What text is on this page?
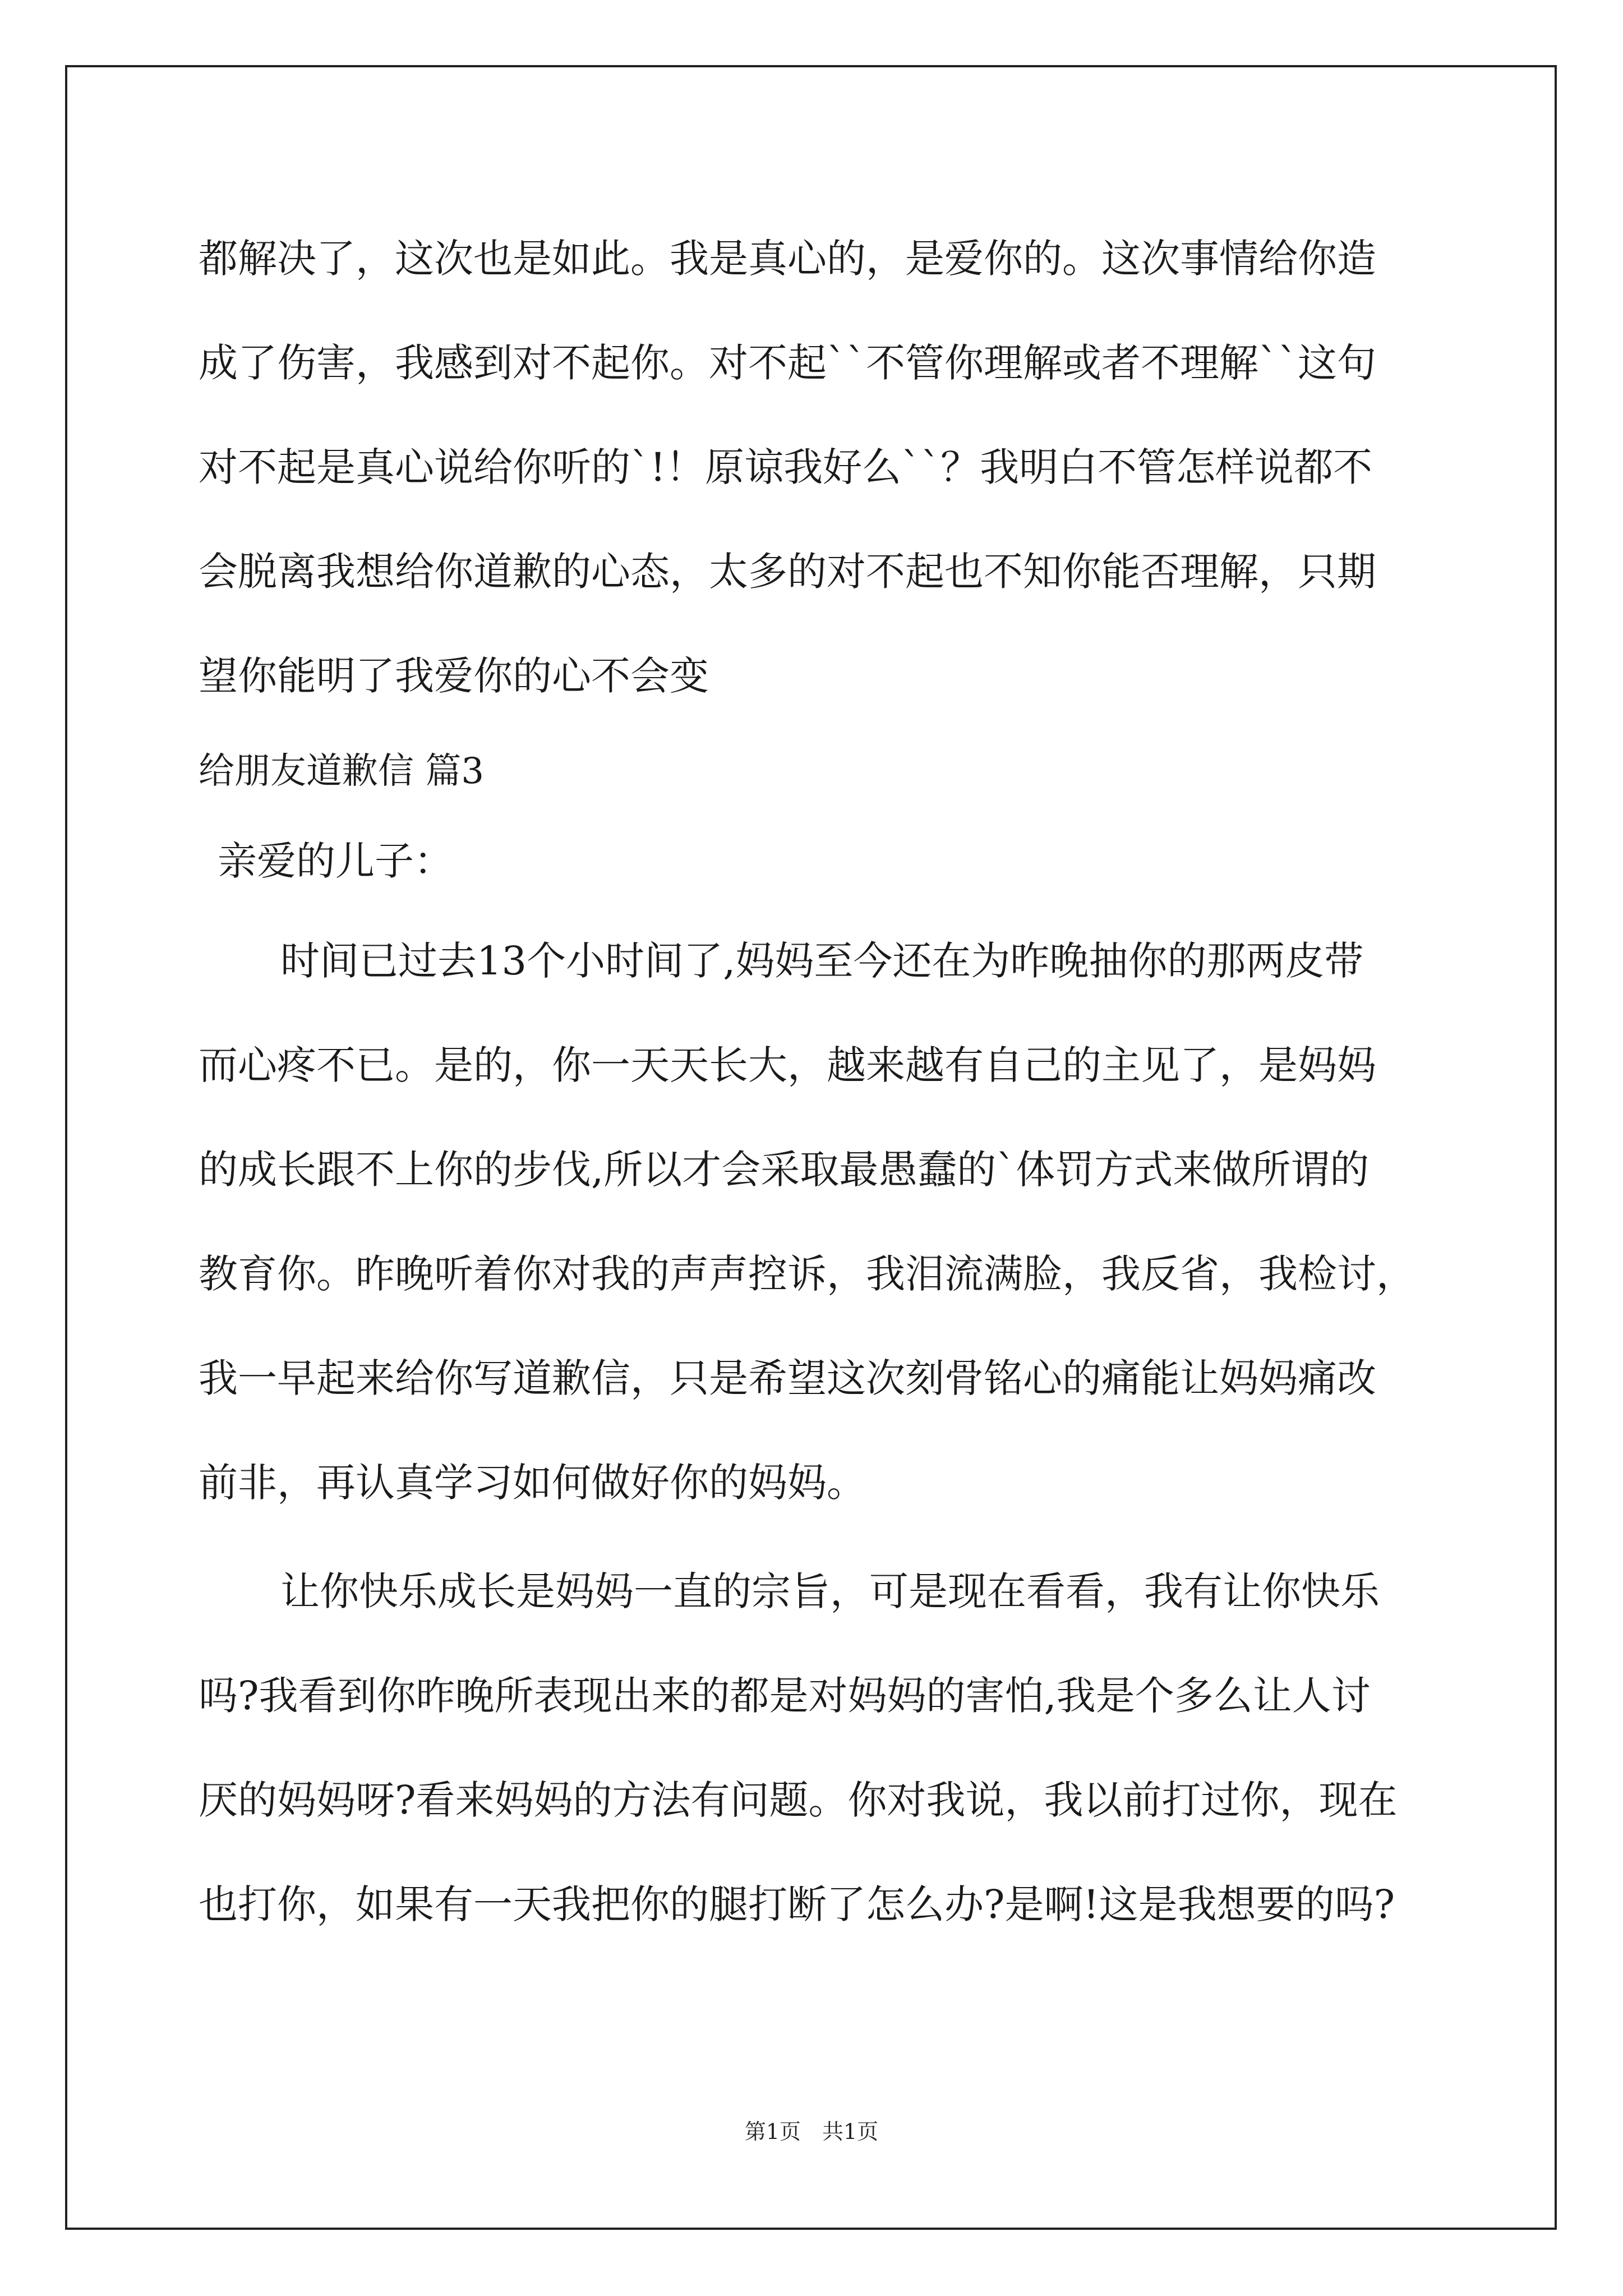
都解决了，这次也是如此。我是真心的，是爱你的。这次事情给你造
成了伤害，我感到对不起你。对不起``不管你理解或者不理解``这句
对不起是真心说给你听的`!！原谅我好么``？我明白不管怎样说都不
会脱离我想给你道歉的心态，太多的对不起也不知你能否理解，只期
望你能明了我爱你的心不会变
给朋友道歉信 篇3
亲爱的儿子：
时间已过去13个小时间了,妈妈至今还在为昨晚抽你的那两皮带
而心疼不已。是的，你一天天长大，越来越有自己的主见了，是妈妈
的成长跟不上你的步伐,所以才会采取最愚蠢的`体罚方式来做所谓的
教育你。昨晚听着你对我的声声控诉，我泪流满脸，我反省，我检讨，
我一早起来给你写道歉信，只是希望这次刻骨铭心的痛能让妈妈痛改
前非，再认真学习如何做好你的妈妈。
让你快乐成长是妈妈一直的宗旨，可是现在看看，我有让你快乐
吗?我看到你昨晚所表现出来的都是对妈妈的害怕,我是个多么让人讨
厌的妈妈呀?看来妈妈的方法有问题。你对我说，我以前打过你，现在
也打你，如果有一天我把你的腿打断了怎么办?是啊!这是我想要的吗?
第1页　共1页
